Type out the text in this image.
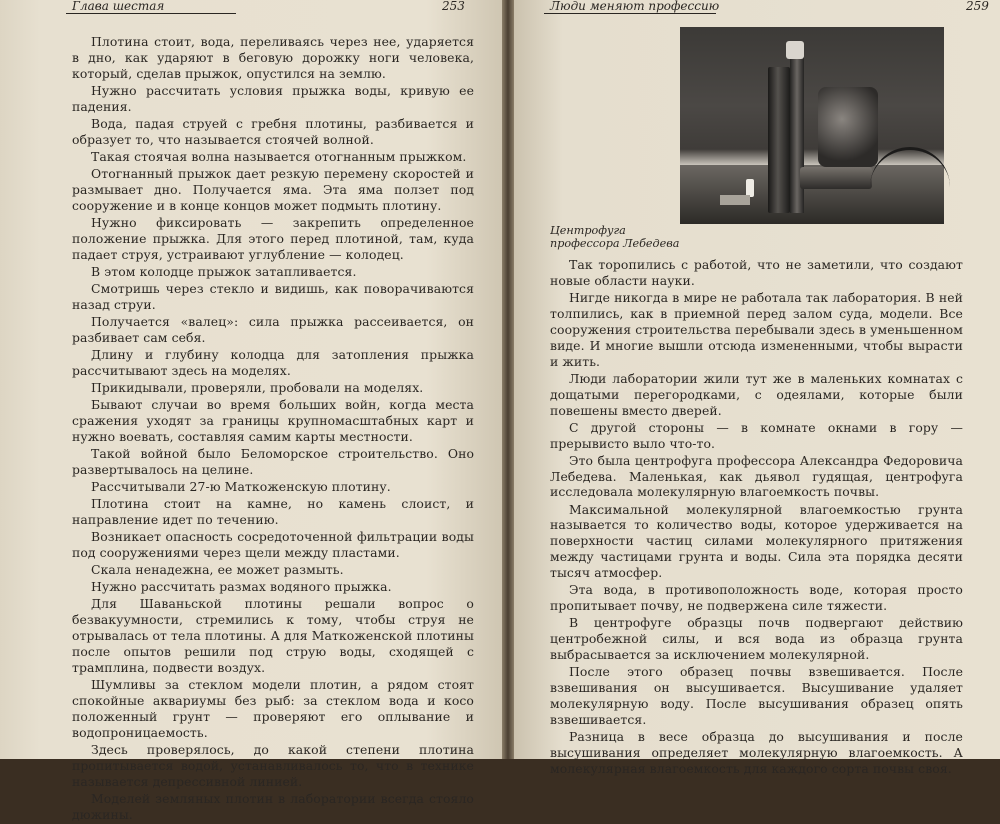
Глава шестая	253

Плотина стоит, вода, переливаясь через нее, ударяется в дно, как ударяют в беговую дорожку ноги человека, который, сделав прыжок, опустился на землю.

Нужно рассчитать условия прыжка воды, кривую ее падения.

Вода, падая струей с гребня плотины, разбивается и образует то, что называется стоячей волной.

Такая стоячая волна называется отогнанным прыжком.

Отогнанный прыжок дает резкую перемену скоростей и размывает дно. Получается яма. Эта яма ползет под сооружение и в конце концов может подмыть плотину.

Нужно фиксировать — закрепить определенное положение прыжка. Для этого перед плотиной, там, куда падает струя, устраивают углубление — колодец.

В этом колодце прыжок затапливается.

Смотришь через стекло и видишь, как поворачиваются назад струи.

Получается «валец»: сила прыжка рассеивается, он разбивает сам себя.

Длину и глубину колодца для затопления прыжка рассчитывают здесь на моделях.

Прикидывали, проверяли, пробовали на моделях.

Бывают случаи во время больших войн, когда места сражения уходят за границы крупномасштабных карт и нужно воевать, составляя самим карты местности.

Такой войной было Беломорское строительство. Оно развертывалось на целине.

Рассчитывали 27-ю Маткоженскую плотину.

Плотина стоит на камне, но камень слоист, и направление идет по течению.

Возникает опасность сосредоточенной фильтрации воды под сооружениями через щели между пластами.

Скала ненадежна, ее может размыть.

Нужно рассчитать размах водяного прыжка.

Для Шаваньской плотины решали вопрос о безвакуумности, стремились к тому, чтобы струя не отрывалась от тела плотины. А для Маткоженской плотины после опытов решили под струю воды, сходящей с трамплина, подвести воздух.

Шумливы за стеклом модели плотин, а рядом стоят спокойные аквариумы без рыб: за стеклом вода и косо положенный грунт — проверяют его оплывание и водопроницаемость.

Здесь проверялось, до какой степени плотина пропитывается водой, устанавливалось то, что в технике называется депрессивной линией.

Моделей земляных плотин в лаборатории всегда стояло дюжины.

Люди меняют профессию	259
Центрофуга профессора Лебедева

Так торопились с работой, что не заметили, что создают новые области науки.

Нигде никогда в мире не работала так лаборатория. В ней толпились, как в приемной перед залом суда, модели. Все сооружения строительства перебывали здесь в уменьшенном виде. И многие вышли отсюда измененными, чтобы вырасти и жить.

Люди лаборатории жили тут же в маленьких комнатах с дощатыми перегородками, с одеялами, которые были повешены вместо дверей.

С другой стороны — в комнате окнами в гору — прерывисто выло что-то.

Это была центрофуга профессора Александра Федоровича Лебедева. Маленькая, как дьявол гудящая, центрофуга исследовала молекулярную влагоемкость почвы.

Максимальной молекулярной влагоемкостью грунта называется то количество воды, которое удерживается на поверхности частиц силами молекулярного притяжения между частицами грунта и воды. Сила эта порядка десяти тысяч атмосфер.

Эта вода, в противоположность воде, которая просто пропитывает почву, не подвержена силе тяжести.

В центрофуге образцы почв подвергают действию центробежной силы, и вся вода из образца грунта выбрасывается за исключением молекулярной.

После этого образец почвы взвешивается. После взвешивания он высушивается. Высушивание удаляет молекулярную воду. После высушивания образец опять взвешивается.

Разница в весе образца до высушивания и после высушивания определяет молекулярную влагоемкость. А молекулярная влагоемкость для каждого сорта почвы своя.
